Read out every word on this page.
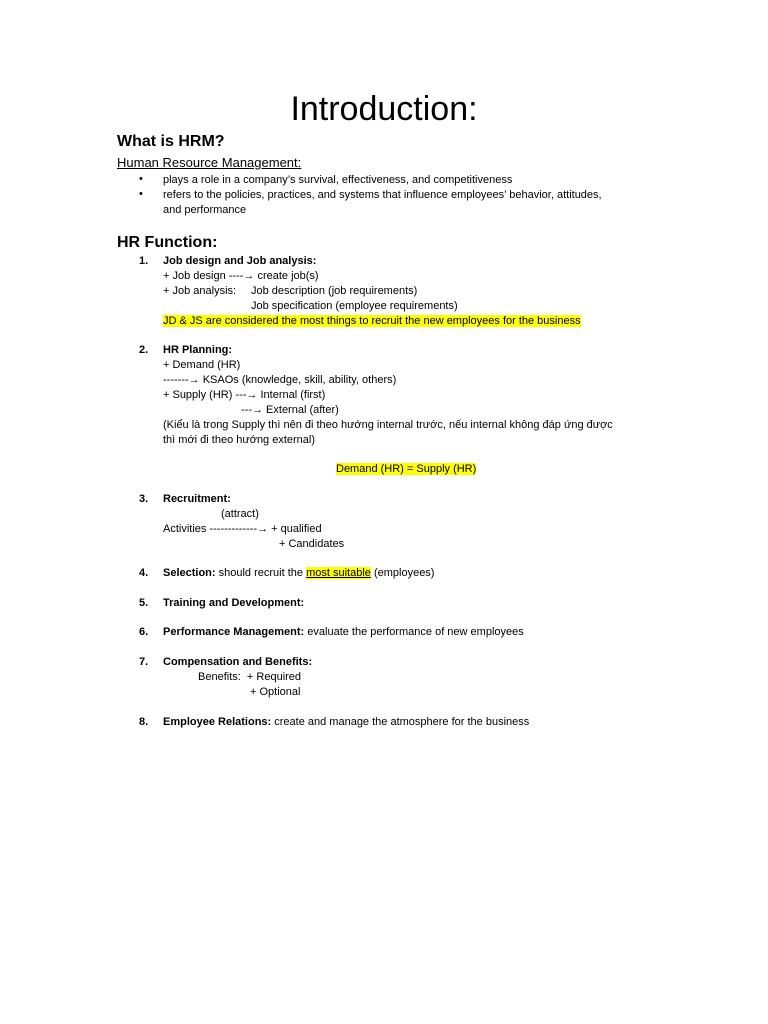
Introduction:
What is HRM?
Human Resource Management:
• plays a role in a company’s survival, effectiveness, and competitiveness
• refers to the policies, practices, and systems that influence employees’ behavior, attitudes,
and performance
HR Function:
1. Job design and Job analysis:
+ Job design ----→ create job(s)
+ Job analysis: Job description (job requirements)
Job specification (employee requirements)
JD & JS are considered the most things to recruit the new employees for the business
2. HR Planning:
+ Demand (HR)
-------→ KSAOs (knowledge, skill, ability, others)
+ Supply (HR) ---→ Internal (first)
---→ External (after)
(Kiểu là trong Supply thì nên đi theo hướng internal trước, nếu internal không đáp ứng được
thì mới đi theo hướng external)
Demand (HR) = Supply (HR)
3. Recruitment:
(attract)
Activities -------------→ + qualified
+ Candidates
4. Selection: should recruit the most suitable (employees)
5. Training and Development:
6. Performance Management: evaluate the performance of new employees
7. Compensation and Benefits:
Benefits:  + Required
+ Optional
8. Employee Relations: create and manage the atmosphere for the business
